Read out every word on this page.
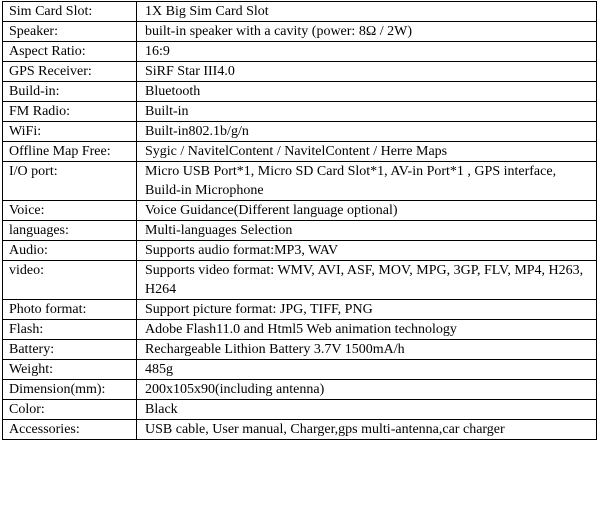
Sim Card Slot:	1X Big Sim Card Slot
Speaker:	built-in speaker with a cavity (power: 8Ω / 2W)
Aspect Ratio:	16:9
GPS Receiver:	SiRF Star III4.0
Build-in:	Bluetooth
FM Radio:	Built-in
WiFi:	Built-in802.1b/g/n
Offline Map Free:	Sygic / NavitelContent / NavitelContent / Herre Maps
I/O port:	Micro USB Port*1, Micro SD Card Slot*1, AV-in Port*1 , GPS interface,
Build-in Microphone

Voice:	Voice Guidance(Different language optional)
languages:	Multi-languages Selection
Audio:	Supports audio format:MP3, WAV
video:	Supports video format: WMV, AVI, ASF, MOV, MPG, 3GP, FLV, MP4, H263, H264
Photo format:	Support picture format: JPG, TIFF, PNG
Flash:	Adobe Flash11.0 and Html5 Web animation technology
Battery:	Rechargeable Lithion Battery 3.7V 1500mA/h
Weight:	485g
Dimension(mm):	200x105x90(including antenna)
Color:	Black
Accessories:	USB cable, User manual, Charger,gps multi-antenna,car charger
